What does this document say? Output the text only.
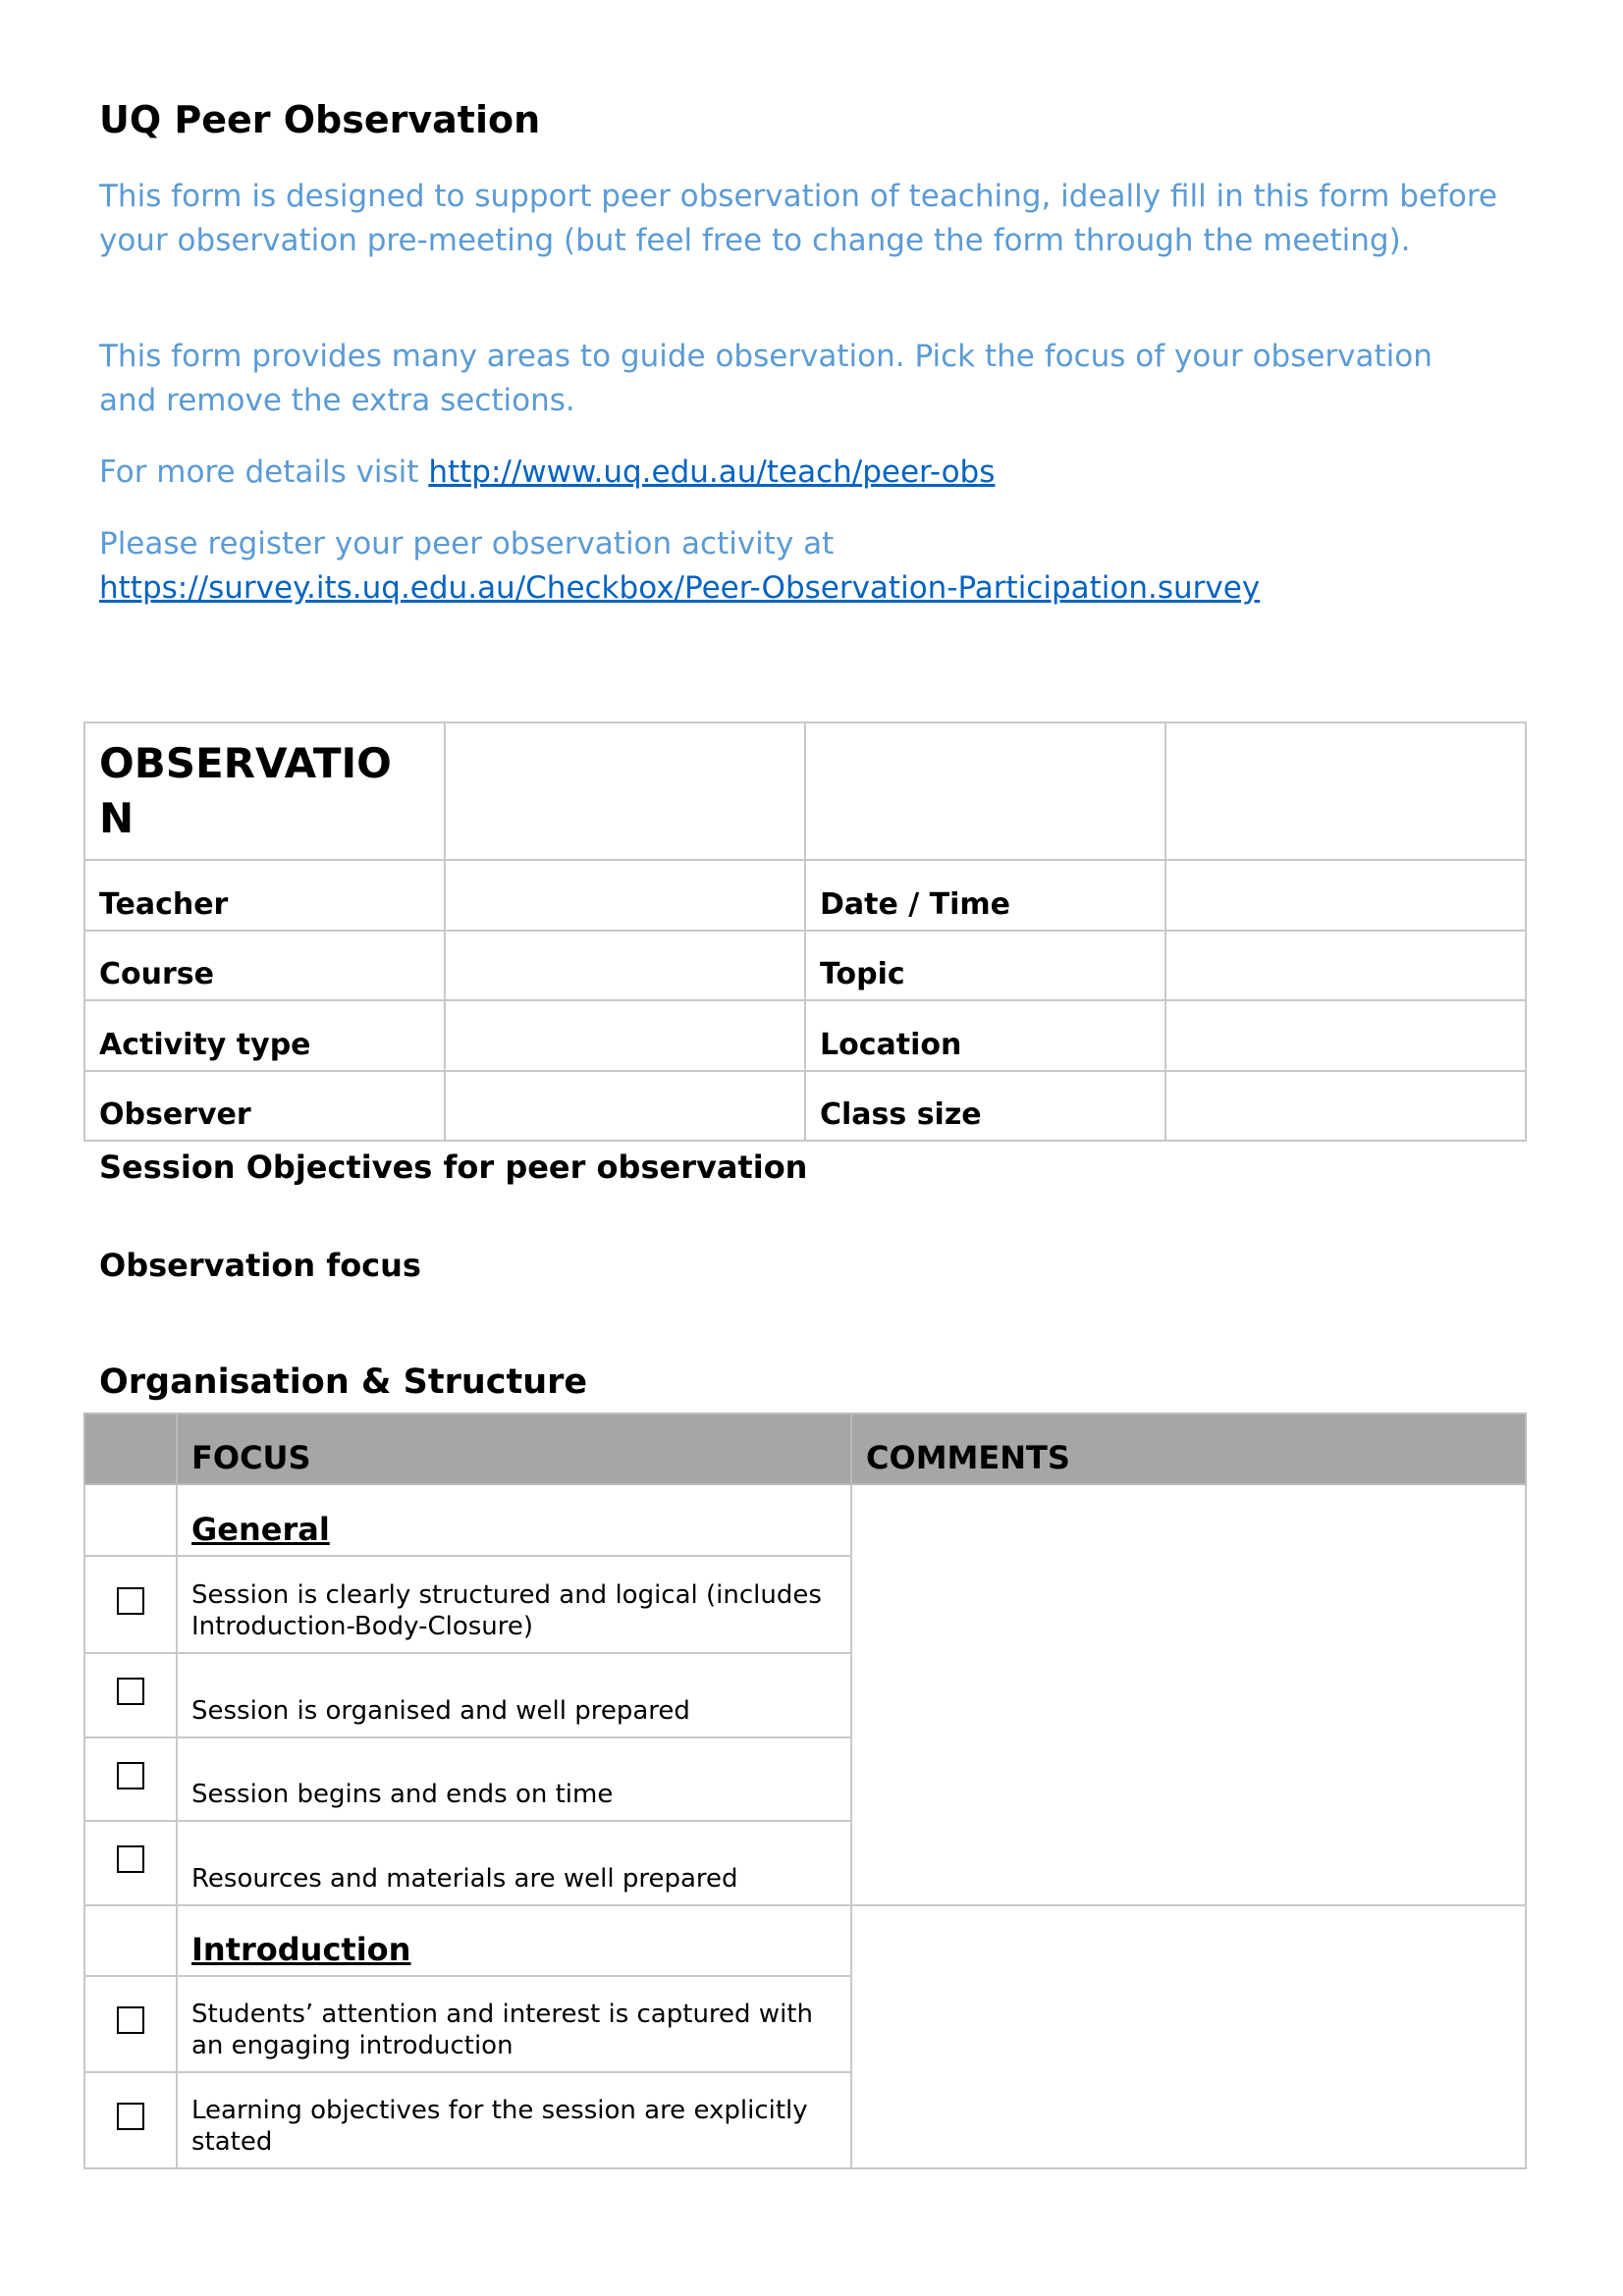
UQ Peer Observation

This form is designed to support peer observation of teaching, ideally fill in this form before your observation pre-meeting (but feel free to change the form through the meeting).

This form provides many areas to guide observation. Pick the focus of your observation and remove the extra sections.

For more details visit http://www.uq.edu.au/teach/peer-obs

Please register your peer observation activity at
https://survey.its.uq.edu.au/Checkbox/Peer-Observation-Participation.survey

OBSERVATIO N			
Teacher		Date / Time	
Course		Topic	
Activity type		Location	
Observer		Class size	
Session Objectives for peer observation
Observation focus
Organisation & Structure
	FOCUS	COMMENTS
	General	
	Session is clearly structured and logical (includes Introduction-Body-Closure)	
	Session is organised and well prepared	
	Session begins and ends on time	
	Resources and materials are well prepared	
	Introduction	
	Students’ attention and interest is captured with an engaging introduction	
	Learning objectives for the session are explicitly stated	
